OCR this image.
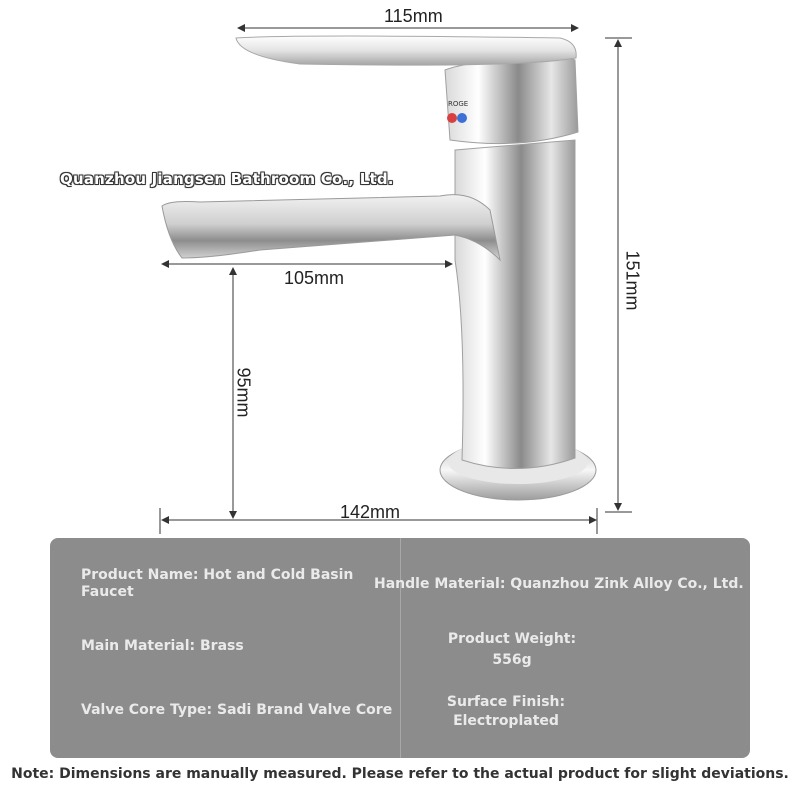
ROGE
115mm
105mm	151mm
95mm
142mm
Quanzhou Jiangsen Bathroom Co., Ltd.
Product Name: Hot and Cold Basin Faucet	Handle Material: Quanzhou Zink Alloy Co., Ltd.
Main Material: Brass	Product Weight:
556g
Valve Core Type: Sadi Brand Valve Core	Surface Finish:
Electroplated
Note: Dimensions are manually measured. Please refer to the actual product for slight deviations.
